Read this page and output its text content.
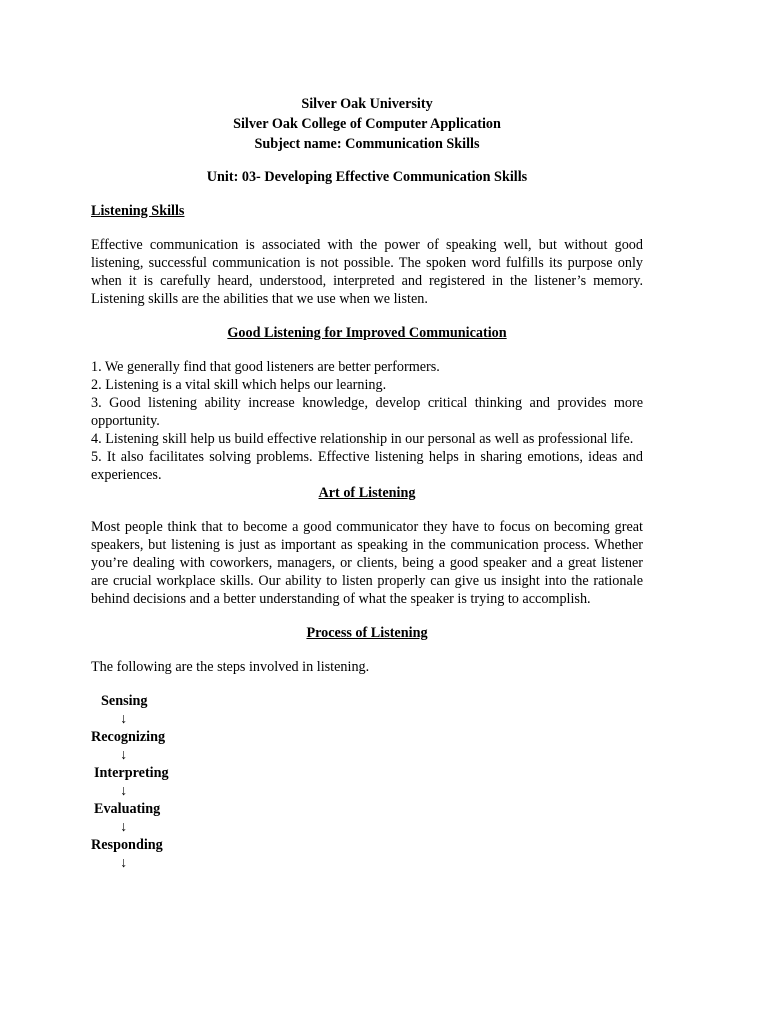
Silver Oak University
Silver Oak College of Computer Application
Subject name: Communication Skills
Unit: 03- Developing Effective Communication Skills
Listening Skills

Effective communication is associated with the power of speaking well, but without good listening, successful communication is not possible. The spoken word fulfills its purpose only when it is carefully heard, understood, interpreted and registered in the listener’s memory. Listening skills are the abilities that we use when we listen.

Good Listening for Improved Communication

1. We generally find that good listeners are better performers.

2. Listening is a vital skill which helps our learning.

3. Good listening ability increase knowledge, develop critical thinking and provides more opportunity.

4. Listening skill help us build effective relationship in our personal as well as professional life.

5. It also facilitates solving problems. Effective listening helps in sharing emotions, ideas and experiences.

Art of Listening

Most people think that to become a good communicator they have to focus on becoming great speakers, but listening is just as important as speaking in the communication process. Whether you’re dealing with coworkers, managers, or clients, being a good speaker and a great listener are crucial workplace skills. Our ability to listen properly can give us insight into the rationale behind decisions and a better understanding of what the speaker is trying to accomplish.

Process of Listening

The following are the steps involved in listening.

Sensing
↓
Recognizing
↓
Interpreting
↓
Evaluating
↓
Responding
↓
